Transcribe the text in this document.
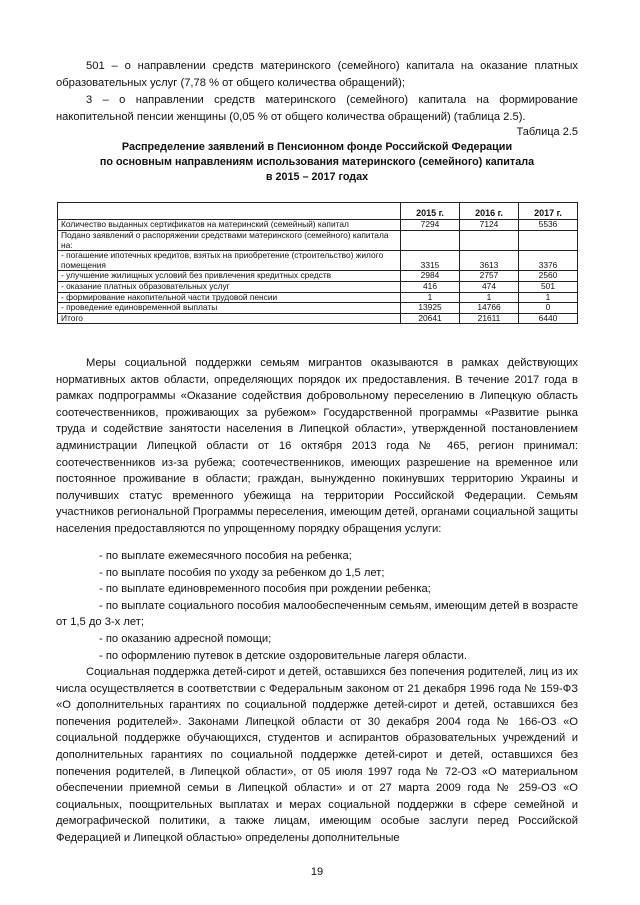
501 – о направлении средств материнского (семейного) капитала на оказание платных образовательных услуг (7,78 % от общего количества обращений);

3 – о направлении средств материнского (семейного) капитала на формирование накопительной пенсии женщины (0,05 % от общего количества обращений) (таблица 2.5).

Таблица 2.5

Распределение заявлений в Пенсионном фонде Российской Федерации

по основным направлениям использования материнского (семейного) капитала

в 2015 – 2017 годах

	2015 г.	2016 г.	2017 г.
Количество выданных сертификатов на материнский (семейный) капитал	7294	7124	5536
Подано заявлений о распоряжении средствами материнского (семейного) капитала на:			
- погашение ипотечных кредитов, взятых на приобретение (строительство) жилого помещения	3315	3613	3376
- улучшение жилищных условий без привлечения кредитных средств	2984	2757	2560
- оказание платных образовательных услуг	416	474	501
- формирование накопительной части трудовой пенсии	1	1	1
- проведение единовременной выплаты	13925	14766	0
Итого	20641	21611	6440

Меры социальной поддержки семьям мигрантов оказываются в рамках действующих нормативных актов области, определяющих порядок их предоставления. В течение 2017 года в рамках подпрограммы «Оказание содействия добровольному переселению в Липецкую область соотечественников, проживающих за рубежом» Государственной программы «Развитие рынка труда и содействие занятости населения в Липецкой области», утвержденной постановлением администрации Липецкой области от 16 октября 2013 года № 465, регион принимал: соотечественников из-за рубежа; соотечественников, имеющих разрешение на временное или постоянное проживание в области; граждан, вынужденно покинувших территорию Украины и получивших статус временного убежища на территории Российской Федерации. Семьям участников региональной Программы переселения, имеющим детей, органами социальной защиты населения предоставляются по упрощенному порядку обращения услуги:

- по выплате ежемесячного пособия на ребенка;
- по выплате пособия по уходу за ребенком до 1,5 лет;
- по выплате единовременного пособия при рождении ребенка;
- по выплате социального пособия малообеспеченным семьям, имеющим детей в возрасте от 1,5 до 3-х лет;
- по оказанию адресной помощи;
- по оформлению путевок в детские оздоровительные лагеря области.

Социальная поддержка детей-сирот и детей, оставшихся без попечения родителей, лиц из их числа осуществляется в соответствии с Федеральным законом от 21 декабря 1996 года № 159-ФЗ «О дополнительных гарантиях по социальной поддержке детей-сирот и детей, оставшихся без попечения родителей». Законами Липецкой области от 30 декабря 2004 года № 166-ОЗ «О социальной поддержке обучающихся, студентов и аспирантов образовательных учреждений и дополнительных гарантиях по социальной поддержке детей-сирот и детей, оставшихся без попечения родителей, в Липецкой области», от 05 июля 1997 года № 72-ОЗ «О материальном обеспечении приемной семьи в Липецкой области» и от 27 марта 2009 года № 259-ОЗ «О социальных, поощрительных выплатах и мерах социальной поддержки в сфере семейной и демографической политики, а также лицам, имеющим особые заслуги перед Российской Федерацией и Липецкой областью» определены дополнительные

19
